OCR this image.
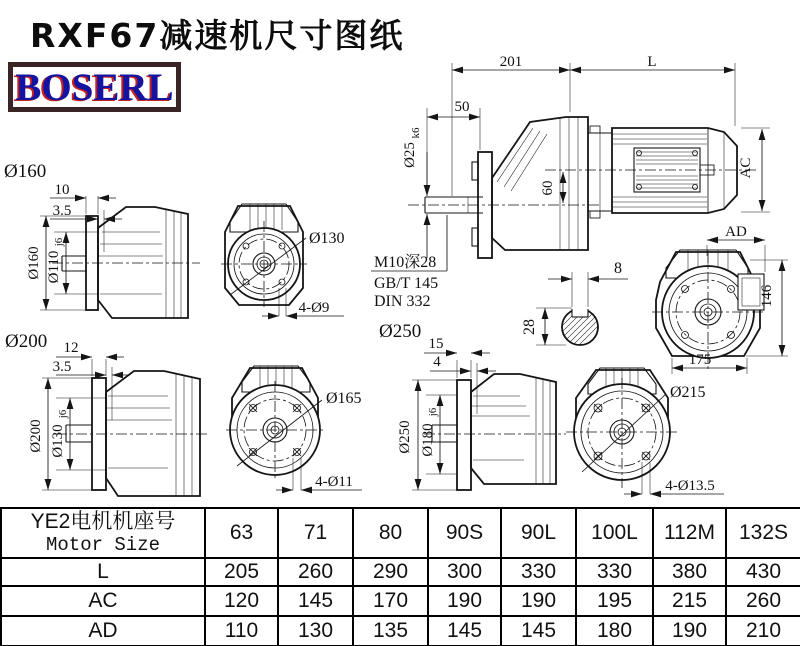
201	L
50
Ø25
k6
M10深28
GB/T 145
DIN 332
60
AC
AD
146
175
Ø160
10
3.5
Ø160 Ø110
j6	Ø130
4-Ø9
Ø200 12
3.5
Ø200 Ø130
j6
Ø165
4-Ø11
Ø250
15
4
Ø250 Ø180
j6
Ø215
4-Ø13.5
8
28
RXF67减速机尺寸图纸
BOSERL
YE2电机机座号
Motor Size	63	71	80	90S	90L	100L	112M	132S
L	205	260	290	300	330	330	380	430
AC	120	145	170	190	190	195	215	260
AD	110	130	135	145	145	180	190	210
